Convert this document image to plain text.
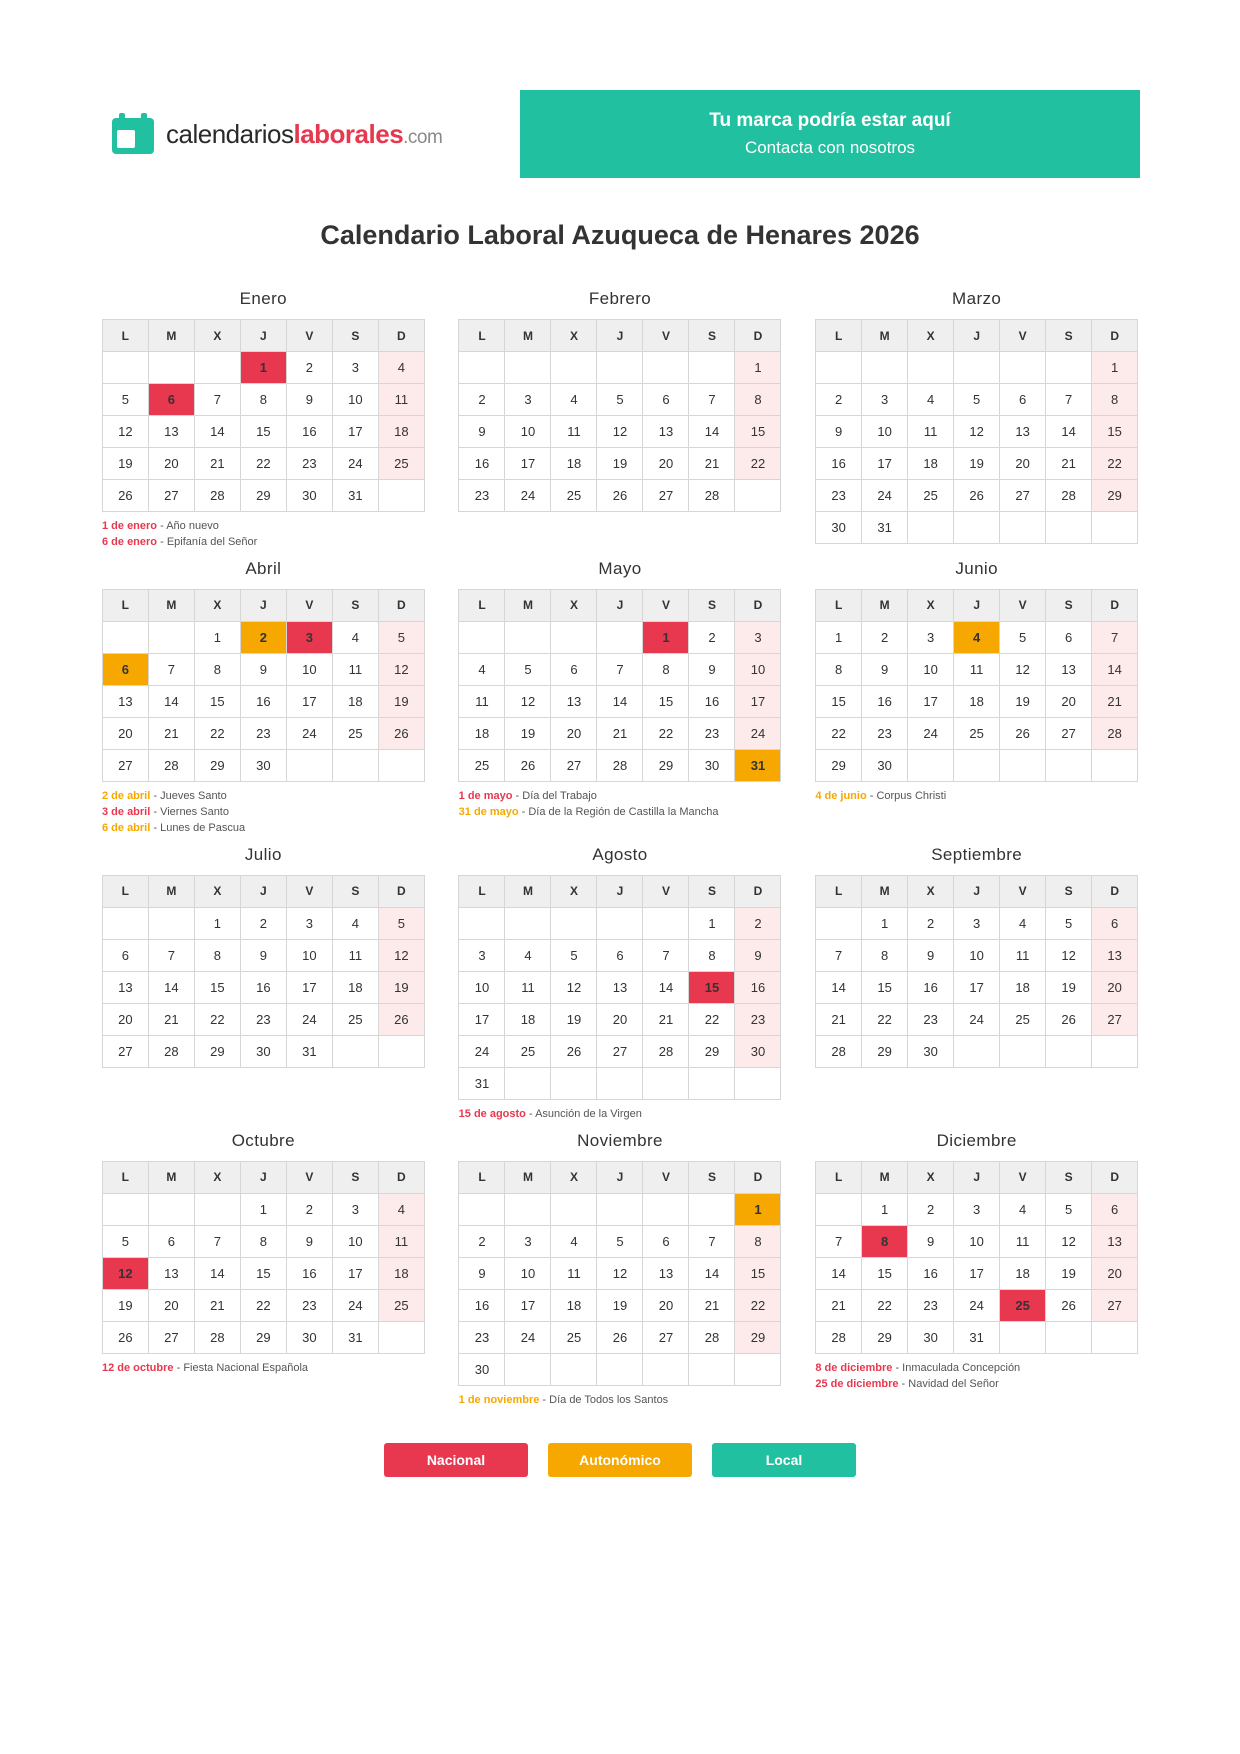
calendarioslaborales.com
Tu marca podría estar aquí
Contacta con nosotros
Calendario Laboral Azuqueca de Henares 2026
Enero
L	M	X	J	V	S	D
			1	2	3	4
5	6	7	8	9	10	11
12	13	14	15	16	17	18
19	20	21	22	23	24	25
26	27	28	29	30	31	
1 de enero - Año nuevo
6 de enero - Epifanía del Señor
Febrero
L	M	X	J	V	S	D
						1
2	3	4	5	6	7	8
9	10	11	12	13	14	15
16	17	18	19	20	21	22
23	24	25	26	27	28	
Marzo
L	M	X	J	V	S	D
						1
2	3	4	5	6	7	8
9	10	11	12	13	14	15
16	17	18	19	20	21	22
23	24	25	26	27	28	29
30	31					
Abril
L	M	X	J	V	S	D
		1	2	3	4	5
6	7	8	9	10	11	12
13	14	15	16	17	18	19
20	21	22	23	24	25	26
27	28	29	30			
2 de abril - Jueves Santo
3 de abril - Viernes Santo
6 de abril - Lunes de Pascua
Mayo
L	M	X	J	V	S	D
				1	2	3
4	5	6	7	8	9	10
11	12	13	14	15	16	17
18	19	20	21	22	23	24
25	26	27	28	29	30	31
1 de mayo - Día del Trabajo
31 de mayo - Día de la Región de Castilla la Mancha
Junio
L	M	X	J	V	S	D
1	2	3	4	5	6	7
8	9	10	11	12	13	14
15	16	17	18	19	20	21
22	23	24	25	26	27	28
29	30					
4 de junio - Corpus Christi
Julio
L	M	X	J	V	S	D
		1	2	3	4	5
6	7	8	9	10	11	12
13	14	15	16	17	18	19
20	21	22	23	24	25	26
27	28	29	30	31		
Agosto
L	M	X	J	V	S	D
					1	2
3	4	5	6	7	8	9
10	11	12	13	14	15	16
17	18	19	20	21	22	23
24	25	26	27	28	29	30
31						
15 de agosto - Asunción de la Virgen
Septiembre
L	M	X	J	V	S	D
	1	2	3	4	5	6
7	8	9	10	11	12	13
14	15	16	17	18	19	20
21	22	23	24	25	26	27
28	29	30				
Octubre
L	M	X	J	V	S	D
			1	2	3	4
5	6	7	8	9	10	11
12	13	14	15	16	17	18
19	20	21	22	23	24	25
26	27	28	29	30	31	
12 de octubre - Fiesta Nacional Española
Noviembre
L	M	X	J	V	S	D
						1
2	3	4	5	6	7	8
9	10	11	12	13	14	15
16	17	18	19	20	21	22
23	24	25	26	27	28	29
30						
1 de noviembre - Día de Todos los Santos
Diciembre
L	M	X	J	V	S	D
	1	2	3	4	5	6
7	8	9	10	11	12	13
14	15	16	17	18	19	20
21	22	23	24	25	26	27
28	29	30	31			
8 de diciembre - Inmaculada Concepción
25 de diciembre - Navidad del Señor
Nacional	Autonómico	Local
